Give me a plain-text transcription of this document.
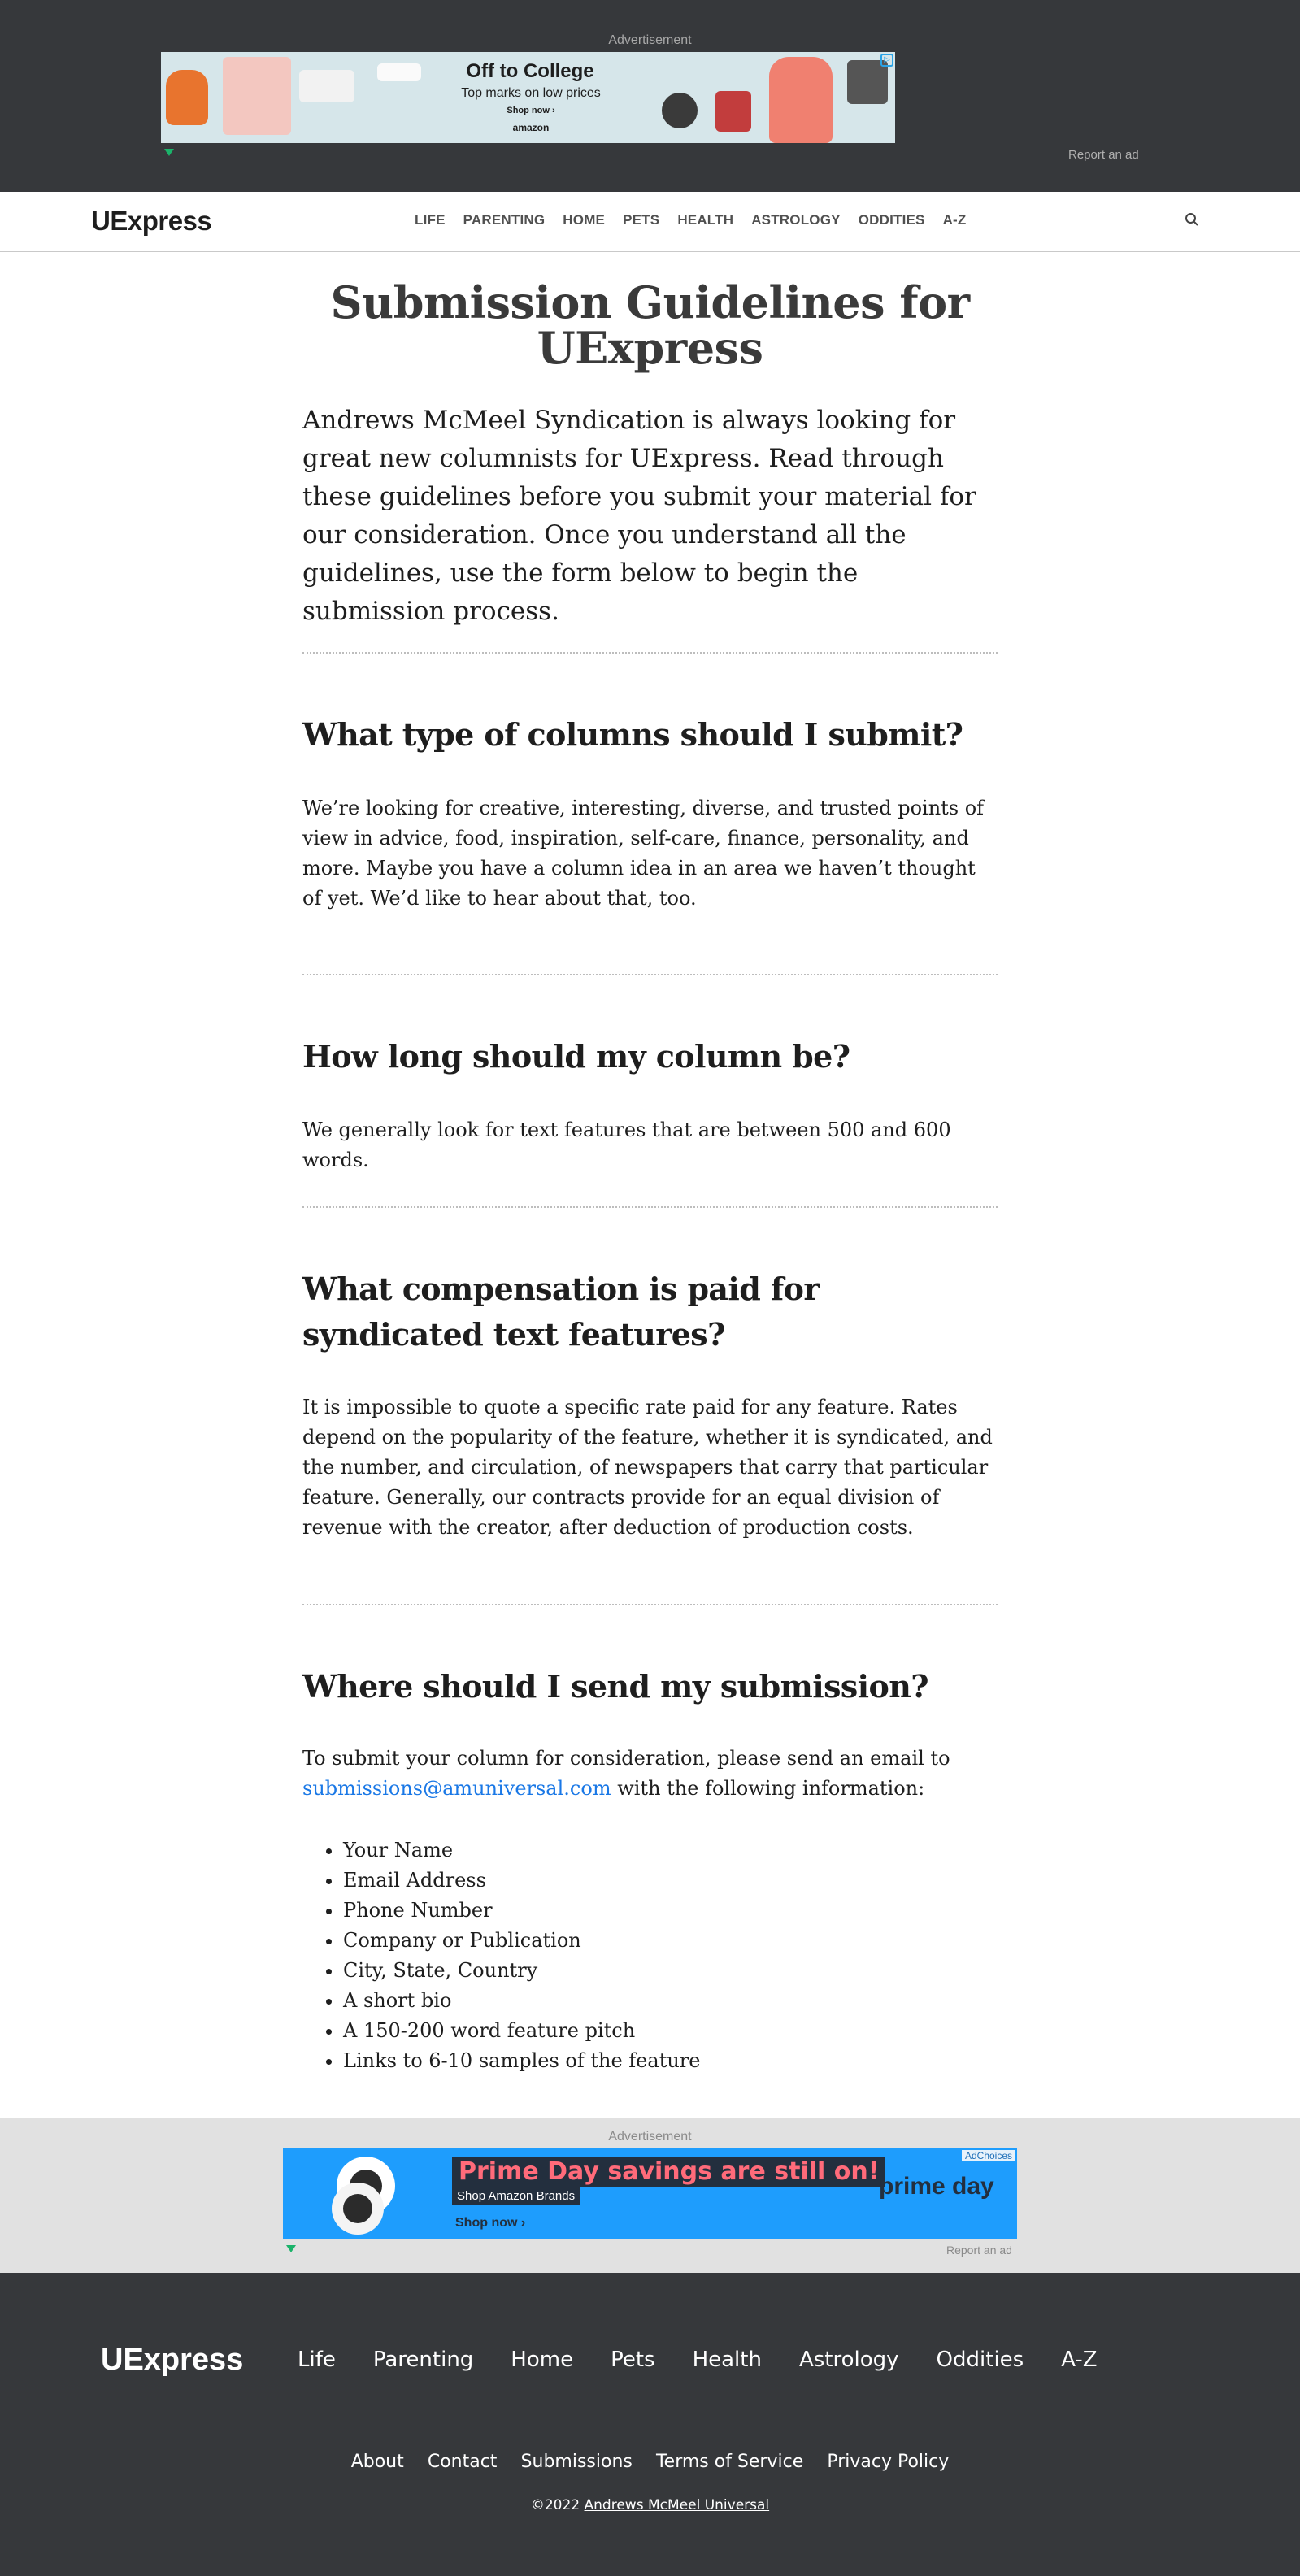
Advertisement
Off to College
Top marks on low prices
Shop now ›
amazon
▷
Report an ad
UExpress	LIFE PARENTING HOME PETS HEALTH ASTROLOGY ODDITIES A-Z
Submission Guidelines for UExpress

Andrews McMeel Syndication is always looking for great new columnists for UExpress. Read through these guidelines before you submit your material for our consideration. Once you understand all the guidelines, use the form below to begin the submission process.

What type of columns should I submit?

We’re looking for creative, interesting, diverse, and trusted points of view in advice, food, inspiration, self-care, finance, personality, and more. Maybe you have a column idea in an area we haven’t thought of yet. We’d like to hear about that, too.

How long should my column be?

We generally look for text features that are between 500 and 600 words.

What compensation is paid for syndicated text features?

It is impossible to quote a specific rate paid for any feature. Rates depend on the popularity of the feature, whether it is syndicated, and the number, and circulation, of newspapers that carry that particular feature. Generally, our contracts provide for an equal division of revenue with the creator, after deduction of production costs.

Where should I send my submission?

To submit your column for consideration, please send an email to submissions@amuniversal.com with the following information:

• Your Name
• Email Address
• Phone Number
• Company or Publication
• City, State, Country
• A short bio
• A 150-200 word feature pitch
• Links to 6-10 samples of the feature
Advertisement
Prime Day savings are still on!
Shop Amazon Brands
Shop now ›
prime day
AdChoices
Report an ad
UExpress	Life Parenting Home Pets Health Astrology Oddities A-Z
About Contact Submissions Terms of Service Privacy Policy
©2022 Andrews McMeel Universal
